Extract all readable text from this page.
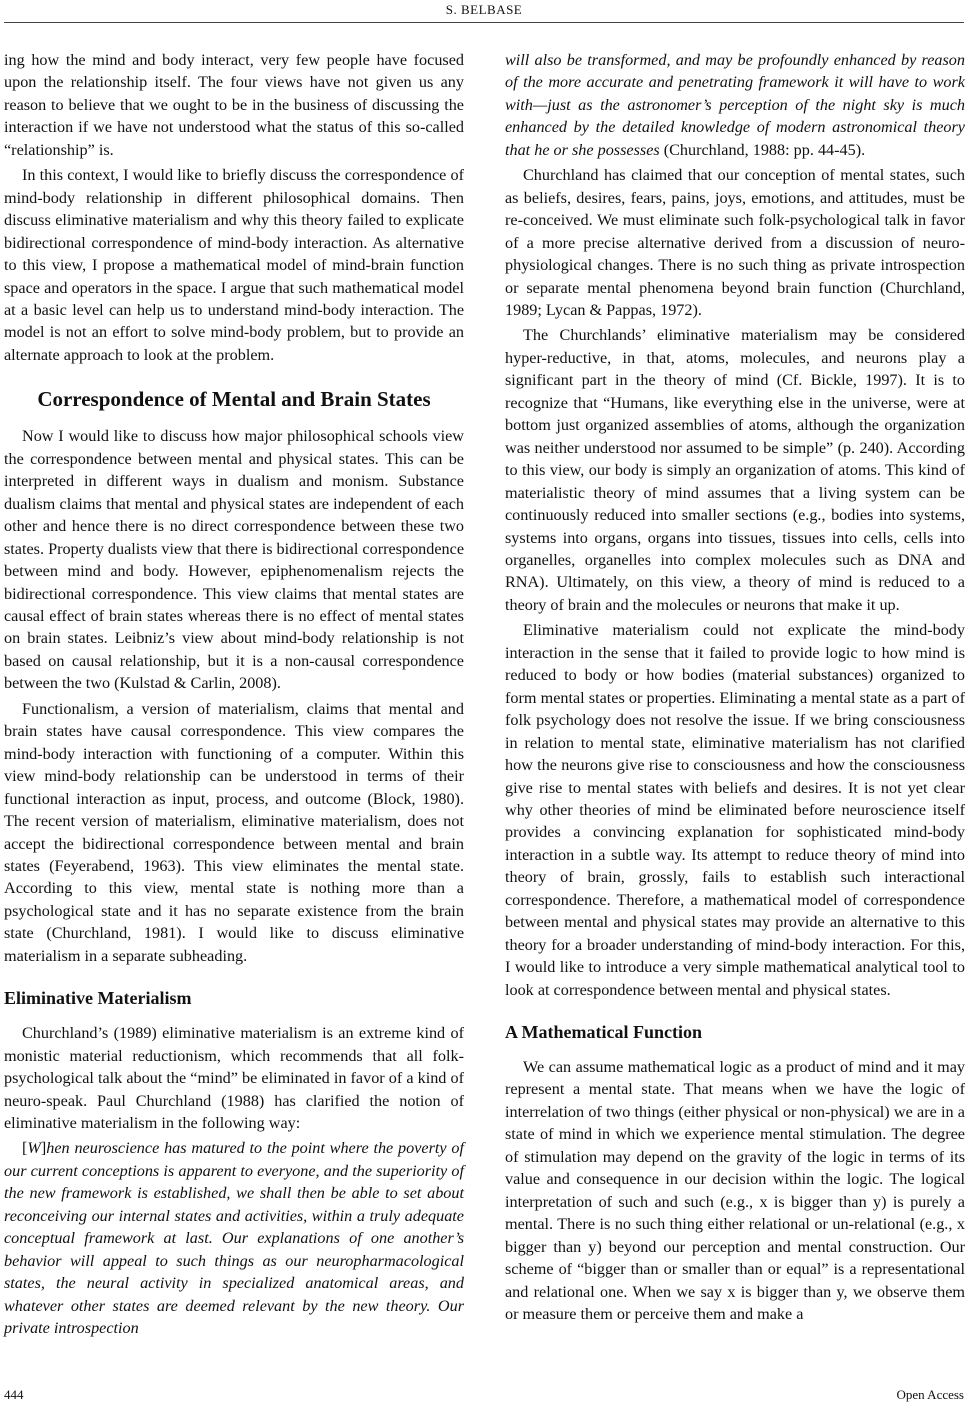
S. BELBASE

ing how the mind and body interact, very few people have focused upon the relationship itself. The four views have not given us any reason to believe that we ought to be in the business of discussing the interaction if we have not understood what the status of this so-called “relationship” is.

In this context, I would like to briefly discuss the correspondence of mind-body relationship in different philosophical domains. Then discuss eliminative materialism and why this theory failed to explicate bidirectional correspondence of mind-body interaction. As alternative to this view, I propose a mathematical model of mind-brain function space and operators in the space. I argue that such mathematical model at a basic level can help us to understand mind-body interaction. The model is not an effort to solve mind-body problem, but to provide an alternate approach to look at the problem.

Correspondence of Mental and Brain States

Now I would like to discuss how major philosophical schools view the correspondence between mental and physical states. This can be interpreted in different ways in dualism and monism. Substance dualism claims that mental and physical states are independent of each other and hence there is no direct correspondence between these two states. Property dualists view that there is bidirectional correspondence between mind and body. However, epiphenomenalism rejects the bidirectional correspondence. This view claims that mental states are causal effect of brain states whereas there is no effect of mental states on brain states. Leibniz’s view about mind-body relationship is not based on causal relationship, but it is a non-causal correspondence between the two (Kulstad & Carlin, 2008).

Functionalism, a version of materialism, claims that mental and brain states have causal correspondence. This view compares the mind-body interaction with functioning of a computer. Within this view mind-body relationship can be understood in terms of their functional interaction as input, process, and outcome (Block, 1980). The recent version of materialism, eliminative materialism, does not accept the bidirectional correspondence between mental and brain states (Feyerabend, 1963). This view eliminates the mental state. According to this view, mental state is nothing more than a psychological state and it has no separate existence from the brain state (Churchland, 1981). I would like to discuss eliminative materialism in a separate subheading.

Eliminative Materialism

Churchland’s (1989) eliminative materialism is an extreme kind of monistic material reductionism, which recommends that all folk-psychological talk about the “mind” be eliminated in favor of a kind of neuro-speak. Paul Churchland (1988) has clarified the notion of eliminative materialism in the following way:

[W]hen neuroscience has matured to the point where the poverty of our current conceptions is apparent to everyone, and the superiority of the new framework is established, we shall then be able to set about reconceiving our internal states and activities, within a truly adequate conceptual framework at last. Our explanations of one another’s behavior will appeal to such things as our neuropharmacological states, the neural activity in specialized anatomical areas, and whatever other states are deemed relevant by the new theory. Our private introspection

will also be transformed, and may be profoundly enhanced by reason of the more accurate and penetrating framework it will have to work with—just as the astronomer’s perception of the night sky is much enhanced by the detailed knowledge of modern astronomical theory that he or she possesses (Churchland, 1988: pp. 44-45).

Churchland has claimed that our conception of mental states, such as beliefs, desires, fears, pains, joys, emotions, and attitudes, must be re-conceived. We must eliminate such folk-psychological talk in favor of a more precise alternative derived from a discussion of neuro-physiological changes. There is no such thing as private introspection or separate mental phenomena beyond brain function (Churchland, 1989; Lycan & Pappas, 1972).

The Churchlands’ eliminative materialism may be considered hyper-reductive, in that, atoms, molecules, and neurons play a significant part in the theory of mind (Cf. Bickle, 1997). It is to recognize that “Humans, like everything else in the universe, were at bottom just organized assemblies of atoms, although the organization was neither understood nor assumed to be simple” (p. 240). According to this view, our body is simply an organization of atoms. This kind of materialistic theory of mind assumes that a living system can be continuously reduced into smaller sections (e.g., bodies into systems, systems into organs, organs into tissues, tissues into cells, cells into organelles, organelles into complex molecules such as DNA and RNA). Ultimately, on this view, a theory of mind is reduced to a theory of brain and the molecules or neurons that make it up.

Eliminative materialism could not explicate the mind-body interaction in the sense that it failed to provide logic to how mind is reduced to body or how bodies (material substances) organized to form mental states or properties. Eliminating a mental state as a part of folk psychology does not resolve the issue. If we bring consciousness in relation to mental state, eliminative materialism has not clarified how the neurons give rise to consciousness and how the consciousness give rise to mental states with beliefs and desires. It is not yet clear why other theories of mind be eliminated before neuroscience itself provides a convincing explanation for sophisticated mind-body interaction in a subtle way. Its attempt to reduce theory of mind into theory of brain, grossly, fails to establish such interactional correspondence. Therefore, a mathematical model of correspondence between mental and physical states may provide an alternative to this theory for a broader understanding of mind-body interaction. For this, I would like to introduce a very simple mathematical analytical tool to look at correspondence between mental and physical states.

A Mathematical Function

We can assume mathematical logic as a product of mind and it may represent a mental state. That means when we have the logic of interrelation of two things (either physical or non-physical) we are in a state of mind in which we experience mental stimulation. The degree of stimulation may depend on the gravity of the logic in terms of its value and consequence in our decision within the logic. The logical interpretation of such and such (e.g., x is bigger than y) is purely a mental. There is no such thing either relational or un-relational (e.g., x bigger than y) beyond our perception and mental construction. Our scheme of “bigger than or smaller than or equal” is a representational and relational one. When we say x is bigger than y, we observe them or measure them or perceive them and make a

444	Open Access
